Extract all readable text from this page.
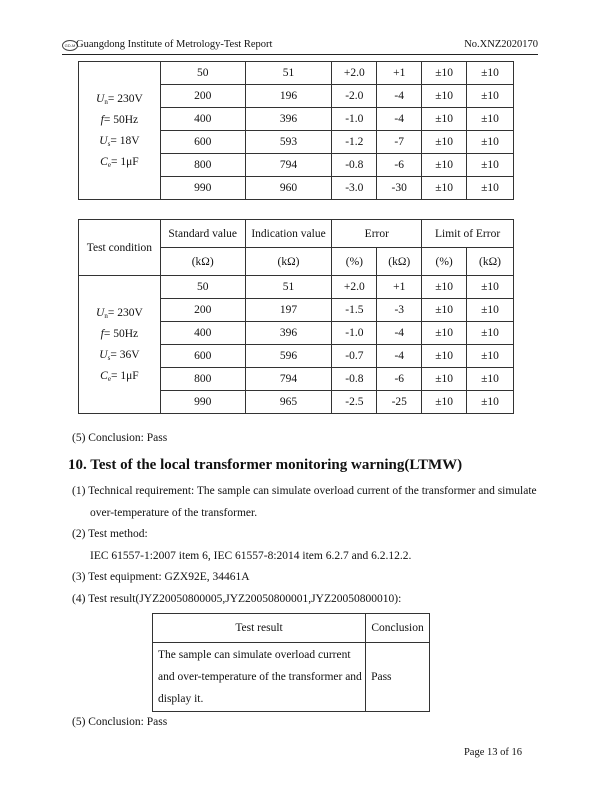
GD-M Guangdong Institute of Metrology-Test Report	No.XNZ2020170
$U_n= 230V$
f= 50Hz
$U_s= 18V$
$C_e= 1\mu F$	50	51	+2.0	+1	±10	±10
	200	196	-2.0	-4	±10	±10
	400	396	-1.0	-4	±10	±10
	600	593	-1.2	-7	±10	±10
	800	794	-0.8	-6	±10	±10
	990	960	-3.0	-30	±10	±10
Test condition	Standard value	Indication value	Error		Limit of Error	
	(kΩ)	(kΩ)	(%)	(kΩ)	(%)	(kΩ)

$U_n= 230V$
f= 50Hz
$U_s= 36V$
$C_e= 1\mu F$	50	51	+2.0	+1	±10	±10
	200	197	-1.5	-3	±10	±10
	400	396	-1.0	-4	±10	±10
	600	596	-0.7	-4	±10	±10
	800	794	-0.8	-6	±10	±10
	990	965	-2.5	-25	±10	±10
(5) Conclusion: Pass
10. Test of the local transformer monitoring warning(LTMW)
(1) Technical requirement: The sample can simulate overload current of the transformer and simulate
over-temperature of the transformer.
(2) Test method:
IEC 61557-1:2007 item 6, IEC 61557-8:2014 item 6.2.7 and 6.2.12.2.
(3) Test equipment: GZX92E, 34461A
(4) Test result(JYZ20050800005,JYZ20050800001,JYZ20050800010):
Test result	Conclusion

The sample can simulate overload current
and over-temperature of the transformer and
display it.	Pass
(5) Conclusion: Pass
Page 13 of 16
